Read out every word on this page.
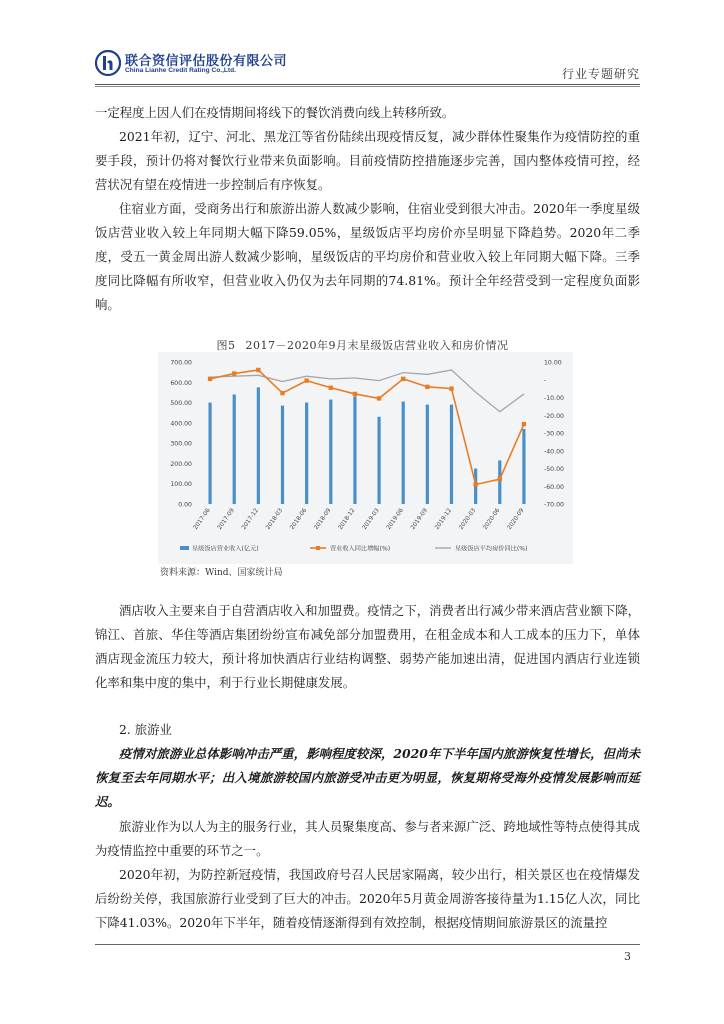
联合资信评估股份有限公司
China Lianhe Credit Rating Co.,Ltd.	行业专题研究

一定程度上因人们在疫情期间将线下的餐饮消费向线上转移所致。

2021年初，辽宁、河北、黑龙江等省份陆续出现疫情反复，减少群体性聚集作为疫情防控的重要手段，预计仍将对餐饮行业带来负面影响。目前疫情防控措施逐步完善，国内整体疫情可控，经营状况有望在疫情进一步控制后有序恢复。

住宿业方面，受商务出行和旅游出游人数减少影响，住宿业受到很大冲击。2020年一季度星级饭店营业收入较上年同期大幅下降59.05%，星级饭店平均房价亦呈明显下降趋势。2020年二季度，受五一黄金周出游人数减少影响，星级饭店的平均房价和营业收入较上年同期大幅下降。三季度同比降幅有所收窄，但营业收入仍仅为去年同期的74.81%。预计全年经营受到一定程度负面影响。

图5 2017－2020年9月末星级饭店营业收入和房价情况
0.00
100.00
200.00
300.00
400.00
500.00
600.00
700.00	10.00
-
-10.00
-20.00
-30.00
-40.00
-50.00
-60.00
-70.00
2017-06 2017-09 2017-12 2018-03 2018-06 2018-09 2018-12 2019-03 2019-06 2019-09 2019-12 2020-03 2020-06 2020-09
星级饭店营业收入(亿元)	营业收入同比增幅(%)	星级饭店平均房价同比(%)
资料来源：Wind、国家统计局

酒店收入主要来自于自营酒店收入和加盟费。疫情之下，消费者出行减少带来酒店营业额下降，锦江、首旅、华住等酒店集团纷纷宣布减免部分加盟费用，在租金成本和人工成本的压力下，单体酒店现金流压力较大，预计将加快酒店行业结构调整、弱势产能加速出清，促进国内酒店行业连锁化率和集中度的集中，利于行业长期健康发展。

2. 旅游业

疫情对旅游业总体影响冲击严重，影响程度较深，2020年下半年国内旅游恢复性增长，但尚未恢复至去年同期水平；出入境旅游较国内旅游受冲击更为明显，恢复期将受海外疫情发展影响而延迟。

旅游业作为以人为主的服务行业，其人员聚集度高、参与者来源广泛、跨地域性等特点使得其成为疫情监控中重要的环节之一。

2020年初，为防控新冠疫情，我国政府号召人民居家隔离，较少出行，相关景区也在疫情爆发后纷纷关停，我国旅游行业受到了巨大的冲击。2020年5月黄金周游客接待量为1.15亿人次，同比下降41.03%。2020年下半年，随着疫情逐渐得到有效控制，根据疫情期间旅游景区的流量控

3
